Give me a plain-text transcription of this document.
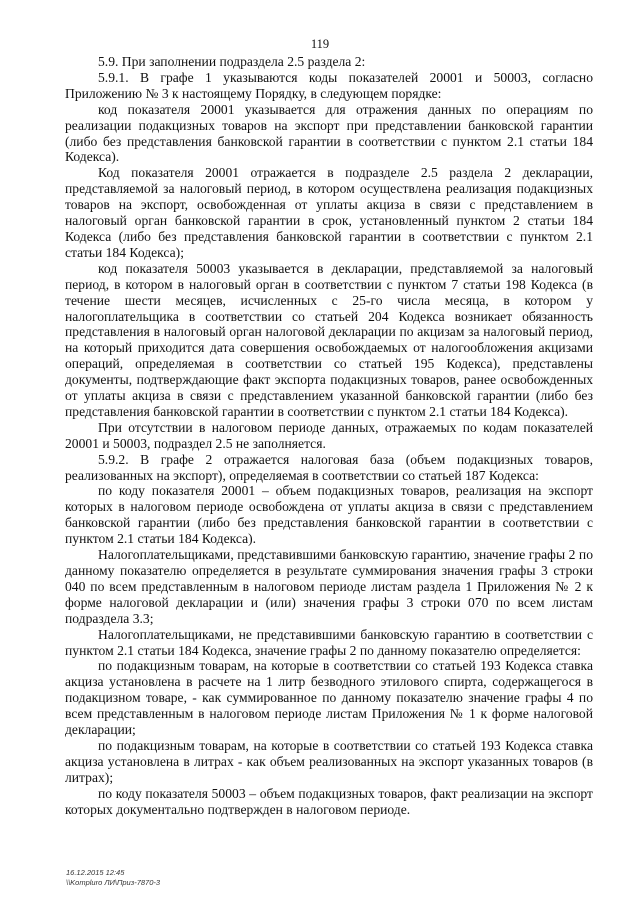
119

5.9. При заполнении подраздела 2.5 раздела 2:

5.9.1. В графе 1 указываются коды показателей 20001 и 50003, согласно Приложению № 3 к настоящему Порядку, в следующем порядке:

код показателя 20001 указывается для отражения данных по операциям по реализации подакцизных товаров на экспорт при представлении банковской гарантии (либо без представления банковской гарантии в соответствии с пунктом 2.1 статьи 184 Кодекса).

Код показателя 20001 отражается в подразделе 2.5 раздела 2 декларации, представляемой за налоговый период, в котором осуществлена реализация подакцизных товаров на экспорт, освобожденная от уплаты акциза в связи с представлением в налоговый орган банковской гарантии в срок, установленный пунктом 2 статьи 184 Кодекса (либо без представления банковской гарантии в соответствии с пунктом 2.1 статьи 184 Кодекса);

код показателя 50003 указывается в декларации, представляемой за налоговый период, в котором в налоговый орган в соответствии с пунктом 7 статьи 198 Кодекса (в течение шести месяцев, исчисленных с 25-го числа месяца, в котором у налогоплательщика в соответствии со статьей 204 Кодекса возникает обязанность представления в налоговый орган налоговой декларации по акцизам за налоговый период, на который приходится дата совершения освобождаемых от налогообложения акцизами операций, определяемая в соответствии со статьей 195 Кодекса), представлены документы, подтверждающие факт экспорта подакцизных товаров, ранее освобожденных от уплаты акциза в связи с представлением указанной банковской гарантии (либо без представления банковской гарантии в соответствии с пунктом 2.1 статьи 184 Кодекса).

При отсутствии в налоговом периоде данных, отражаемых по кодам показателей 20001 и 50003, подраздел 2.5 не заполняется.

5.9.2. В графе 2 отражается налоговая база (объем подакцизных товаров, реализованных на экспорт), определяемая в соответствии со статьей 187 Кодекса:

по коду показателя 20001 – объем подакцизных товаров, реализация на экспорт которых в налоговом периоде освобождена от уплаты акциза в связи с представлением банковской гарантии (либо без представления банковской гарантии в соответствии с пунктом 2.1 статьи 184 Кодекса).

Налогоплательщиками, представившими банковскую гарантию, значение графы 2 по данному показателю определяется в результате суммирования значения графы 3 строки 040 по всем представленным в налоговом периоде листам раздела 1 Приложения № 2 к форме налоговой декларации и (или) значения графы 3 строки 070 по всем листам подраздела 3.3;

Налогоплательщиками, не представившими банковскую гарантию в соответствии с пунктом 2.1 статьи 184 Кодекса, значение графы 2 по данному показателю определяется:

по подакцизным товарам, на которые в соответствии со статьей 193 Кодекса ставка акциза установлена в расчете на 1 литр безводного этилового спирта, содержащегося в подакцизном товаре, - как суммированное по данному показателю значение графы 4 по всем представленным в налоговом периоде листам Приложения № 1 к форме налоговой декларации;

по подакцизным товарам, на которые в соответствии со статьей 193 Кодекса ставка акциза установлена в литрах - как объем реализованных на экспорт указанных товаров (в литрах);

по коду показателя 50003 – объем подакцизных товаров, факт реализации на экспорт которых документально подтвержден в налоговом периоде.

16.12.2015 12:45
\\Kompluro ЛИ\Приз-7870-3
